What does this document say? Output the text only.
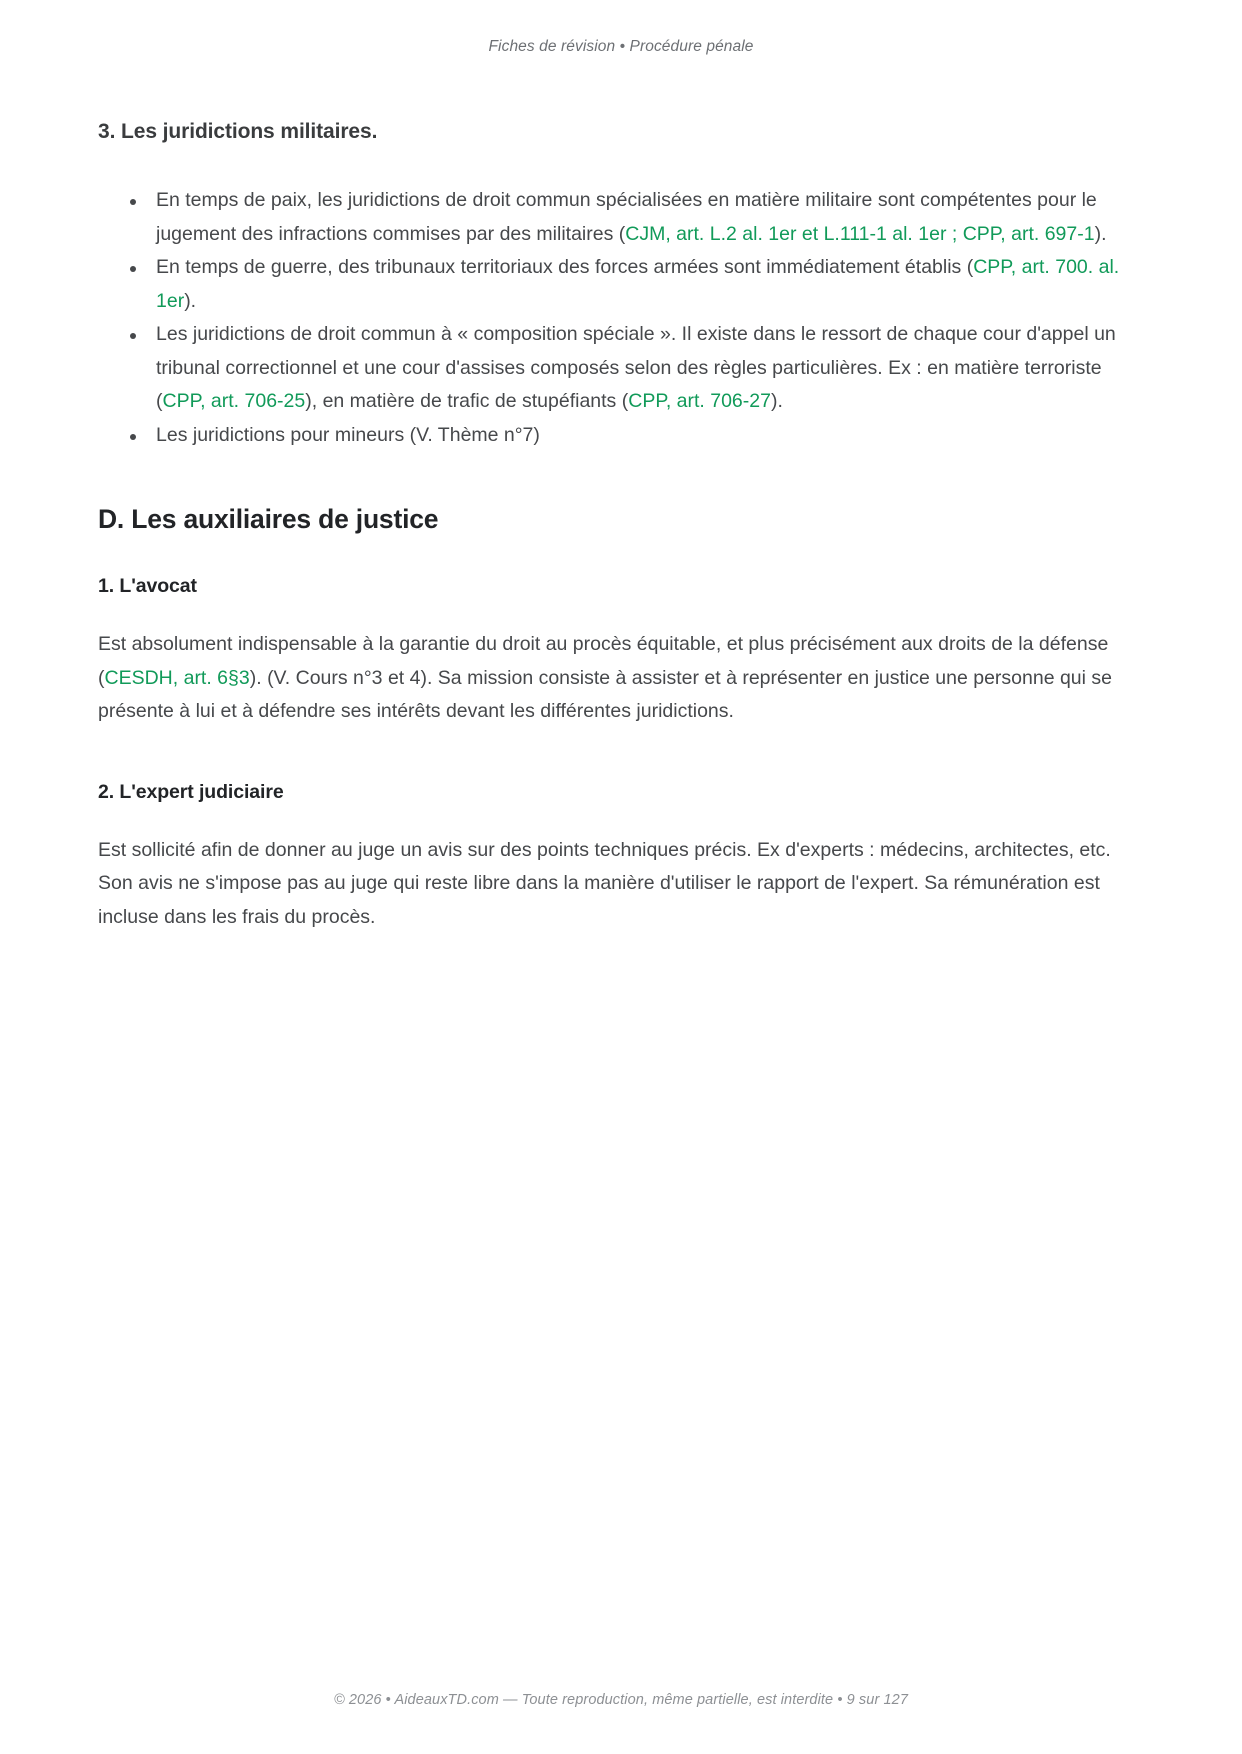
Fiches de révision • Procédure pénale
3. Les juridictions militaires.
En temps de paix, les juridictions de droit commun spécialisées en matière militaire sont compétentes pour le jugement des infractions commises par des militaires (CJM, art. L.2 al. 1er et L.111-1 al. 1er ; CPP, art. 697-1).
En temps de guerre, des tribunaux territoriaux des forces armées sont immédiatement établis (CPP, art. 700. al. 1er).
Les juridictions de droit commun à « composition spéciale ». Il existe dans le ressort de chaque cour d'appel un tribunal correctionnel et une cour d'assises composés selon des règles particulières. Ex : en matière terroriste (CPP, art. 706-25), en matière de trafic de stupéfiants (CPP, art. 706-27).
Les juridictions pour mineurs (V. Thème n°7)
D. Les auxiliaires de justice
1. L'avocat

Est absolument indispensable à la garantie du droit au procès équitable, et plus précisément aux droits de la défense (CESDH, art. 6§3). (V. Cours n°3 et 4). Sa mission consiste à assister et à représenter en justice une personne qui se présente à lui et à défendre ses intérêts devant les différentes juridictions.

2. L'expert judiciaire

Est sollicité afin de donner au juge un avis sur des points techniques précis. Ex d'experts : médecins, architectes, etc. Son avis ne s'impose pas au juge qui reste libre dans la manière d'utiliser le rapport de l'expert. Sa rémunération est incluse dans les frais du procès.

© 2026 • AideauxTD.com — Toute reproduction, même partielle, est interdite • 9 sur 127
